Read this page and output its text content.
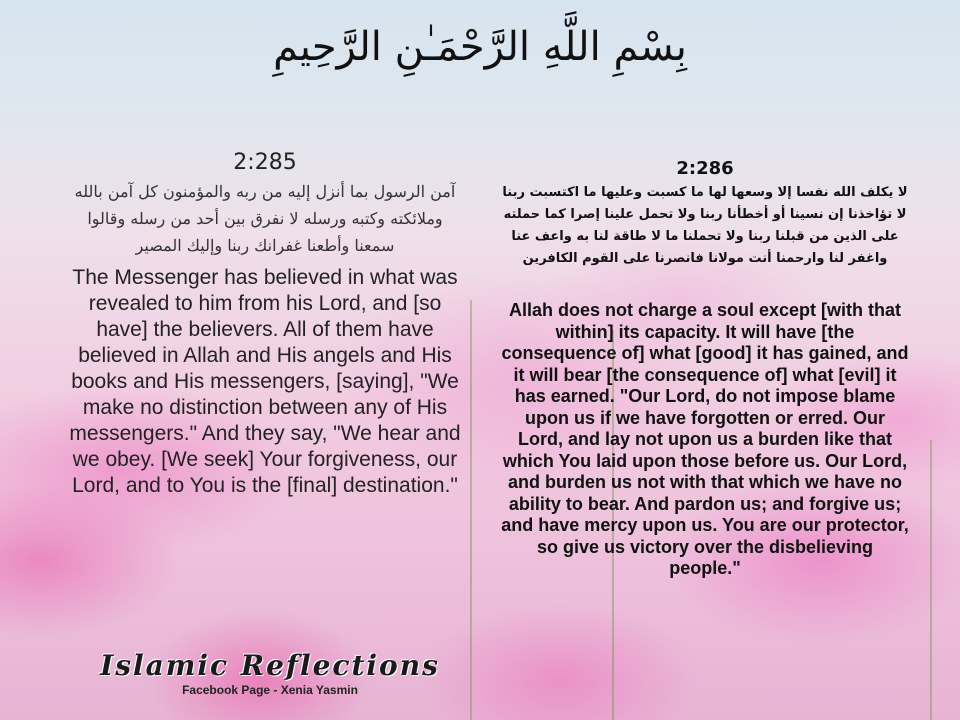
بِسْمِ اللَّهِ الرَّحْمَـٰنِ الرَّحِيمِ
2:285
آمن الرسول بما أنزل إليه من ربه والمؤمنون كل آمن بالله وملائكته وكتبه ورسله لا نفرق بين أحد من رسله وقالوا سمعنا وأطعنا غفرانك ربنا وإليك المصير
The Messenger has believed in what was revealed to him from his Lord, and [so have] the believers. All of them have believed in Allah and His angels and His books and His messengers, [saying], "We make no distinction between any of His messengers." And they say, "We hear and we obey. [We seek] Your forgiveness, our Lord, and to You is the [final] destination."
2:286
لا يكلف الله نفسا إلا وسعها لها ما كسبت وعليها ما اكتسبت ربنا لا تؤاخذنا إن نسينا أو أخطأنا ربنا ولا تحمل علينا إصرا كما حملته على الذين من قبلنا ربنا ولا تحملنا ما لا طاقة لنا به واعف عنا واغفر لنا وارحمنا أنت مولانا فانصرنا على القوم الكافرين
Allah does not charge a soul except [with that within] its capacity. It will have [the consequence of] what [good] it has gained, and it will bear [the consequence of] what [evil] it has earned. "Our Lord, do not impose blame upon us if we have forgotten or erred. Our Lord, and lay not upon us a burden like that which You laid upon those before us. Our Lord, and burden us not with that which we have no ability to bear. And pardon us; and forgive us; and have mercy upon us. You are our protector, so give us victory over the disbelieving people."
Islamic Reflections
Facebook Page - Xenia Yasmin
